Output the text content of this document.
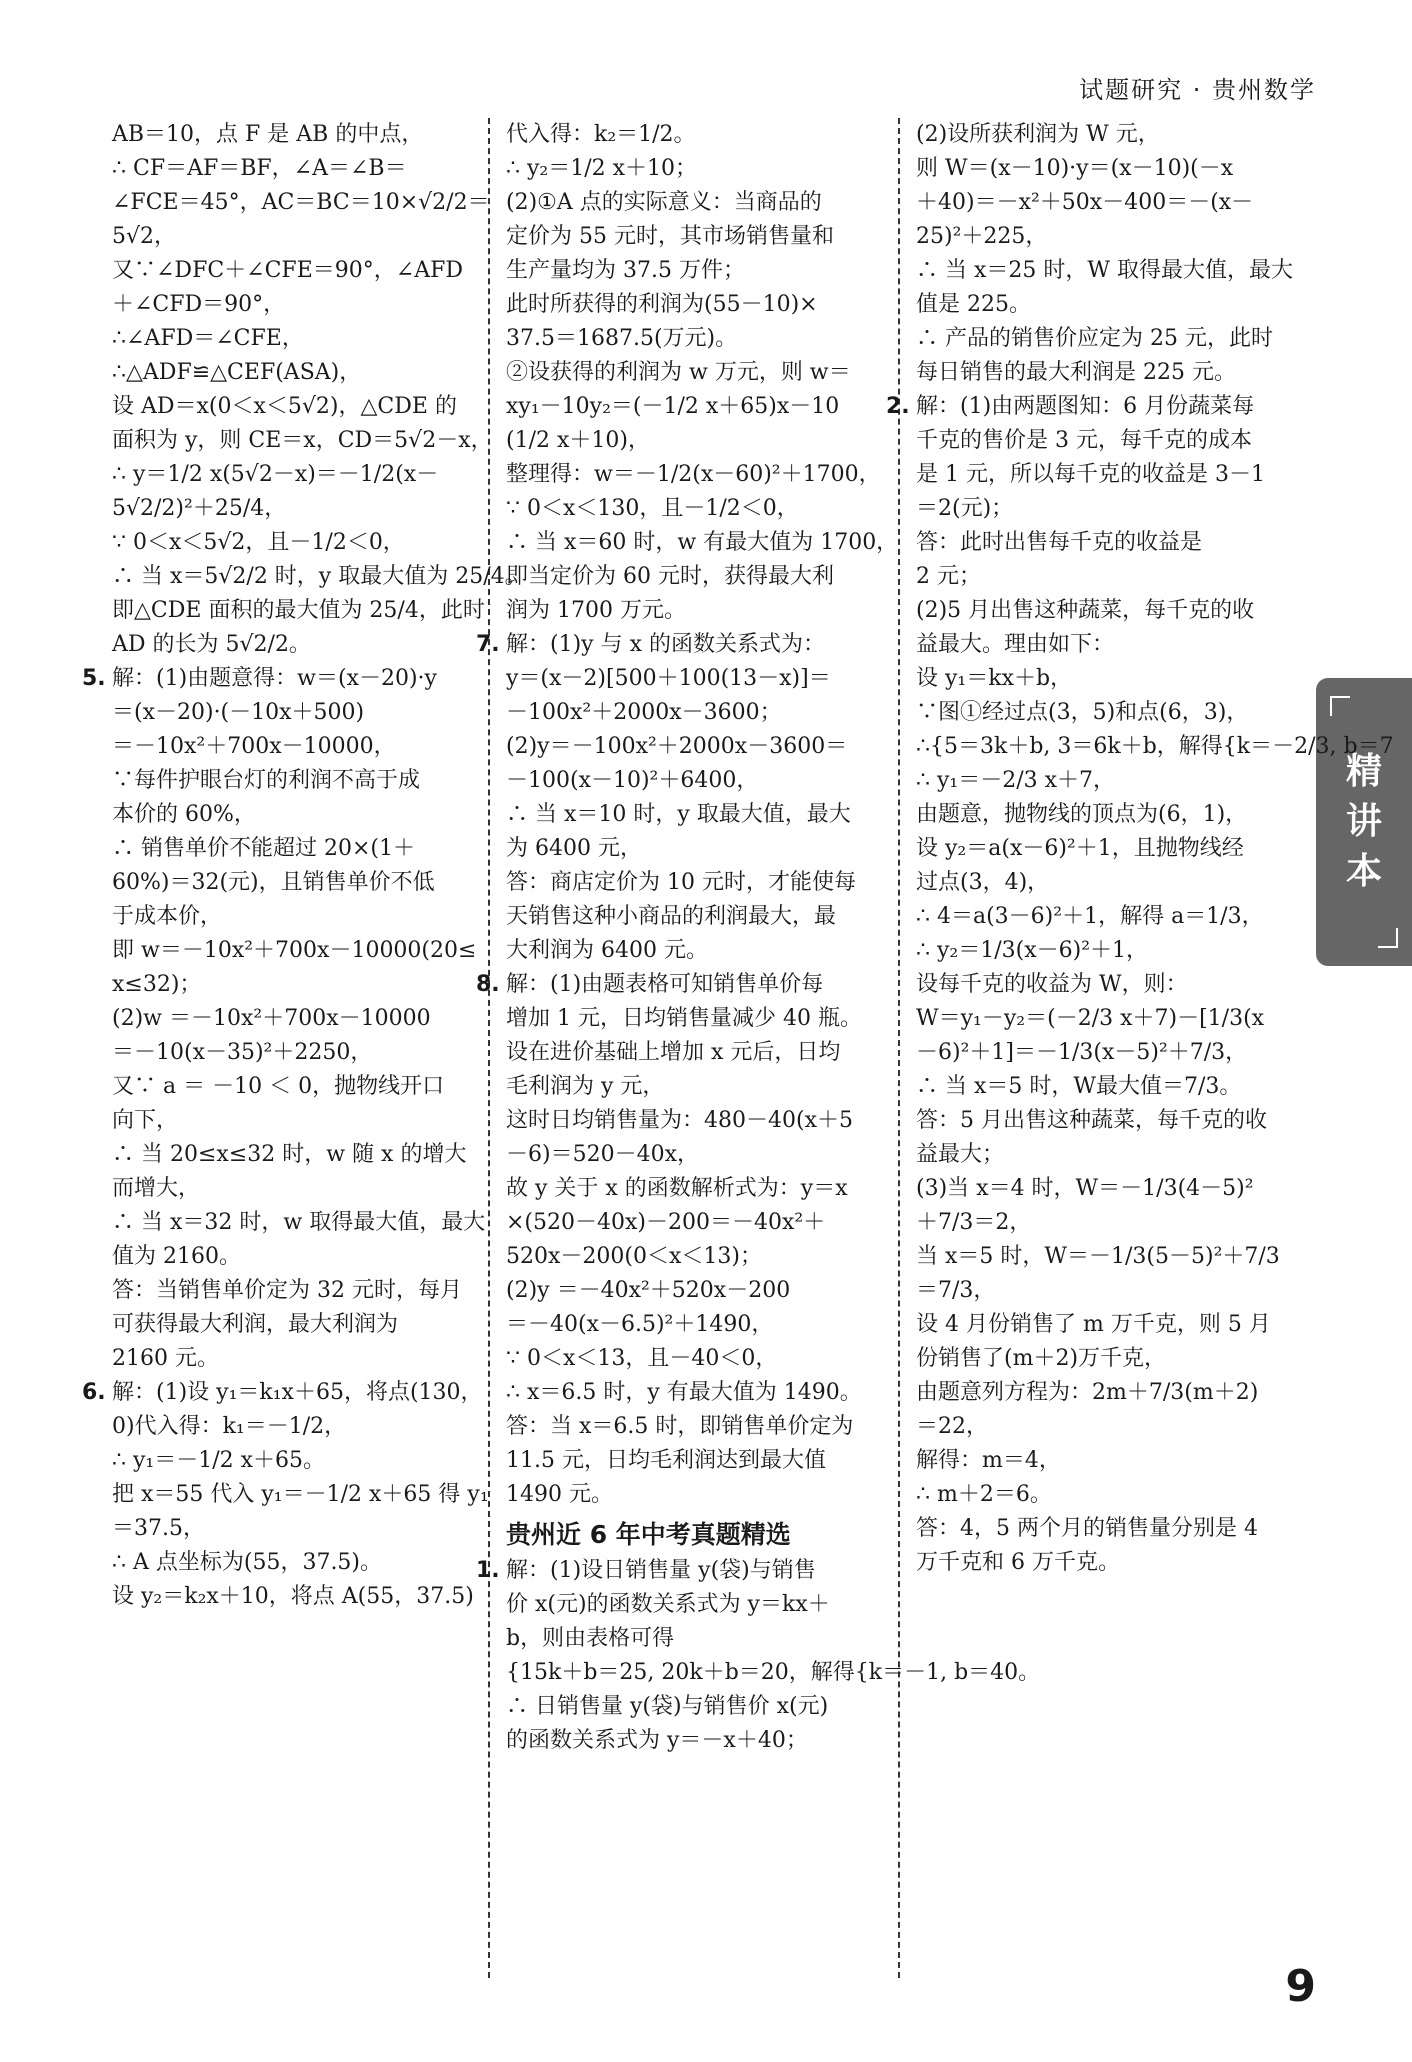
试题研究 · 贵州数学
精
讲
本
AB＝10，点 F 是 AB 的中点，
∴ CF＝AF＝BF，∠A＝∠B＝
∠FCE＝45°，AC＝BC＝10×√2/2＝
5√2，
又∵∠DFC＋∠CFE＝90°，∠AFD
＋∠CFD＝90°，
∴∠AFD＝∠CFE，
∴△ADF≌△CEF(ASA)，
设 AD＝x(0＜x＜5√2)，△CDE 的
面积为 y，则 CE＝x，CD＝5√2－x，
∴ y＝1/2 x(5√2－x)＝－1/2(x－
5√2/2)²＋25/4，
∵ 0＜x＜5√2，且－1/2＜0，
∴ 当 x＝5√2/2 时，y 取最大值为 25/4。
即△CDE 面积的最大值为 25/4，此时
AD 的长为 5√2/2。
5. 解：(1)由题意得：w＝(x－20)·y
＝(x－20)·(－10x＋500)
＝－10x²＋700x－10000，
∵每件护眼台灯的利润不高于成
本价的 60%，
∴ 销售单价不能超过 20×(1＋
60%)＝32(元)，且销售单价不低
于成本价，
即 w＝－10x²＋700x－10000(20≤
x≤32)；
(2)w ＝－10x²＋700x－10000
＝－10(x－35)²＋2250，
又∵ a ＝ －10 ＜ 0，抛物线开口
向下，
∴ 当 20≤x≤32 时，w 随 x 的增大
而增大，
∴ 当 x＝32 时，w 取得最大值，最大
值为 2160。
答：当销售单价定为 32 元时，每月
可获得最大利润，最大利润为
2160 元。
6. 解：(1)设 y₁＝k₁x＋65，将点(130，
0)代入得：k₁＝－1/2，
∴ y₁＝－1/2 x＋65。
把 x＝55 代入 y₁＝－1/2 x＋65 得 y₁
＝37.5，
∴ A 点坐标为(55，37.5)。
设 y₂＝k₂x＋10，将点 A(55，37.5)
代入得：k₂＝1/2。
∴ y₂＝1/2 x＋10；
(2)①A 点的实际意义：当商品的
定价为 55 元时，其市场销售量和
生产量均为 37.5 万件；
此时所获得的利润为(55－10)×
37.5＝1687.5(万元)。
②设获得的利润为 w 万元，则 w＝
xy₁－10y₂＝(－1/2 x＋65)x－10
(1/2 x＋10)，
整理得：w＝－1/2(x－60)²＋1700，
∵ 0＜x＜130，且－1/2＜0，
∴ 当 x＝60 时，w 有最大值为 1700，
即当定价为 60 元时，获得最大利
润为 1700 万元。
7. 解：(1)y 与 x 的函数关系式为：
y＝(x－2)[500＋100(13－x)]＝
－100x²＋2000x－3600；
(2)y＝－100x²＋2000x－3600＝
－100(x－10)²＋6400，
∴ 当 x＝10 时，y 取最大值，最大
为 6400 元，
答：商店定价为 10 元时，才能使每
天销售这种小商品的利润最大，最
大利润为 6400 元。
8. 解：(1)由题表格可知销售单价每
增加 1 元，日均销售量减少 40 瓶。
设在进价基础上增加 x 元后，日均
毛利润为 y 元，
这时日均销售量为：480－40(x＋5
－6)＝520－40x，
故 y 关于 x 的函数解析式为：y＝x
×(520－40x)－200＝－40x²＋
520x－200(0＜x＜13)；
(2)y ＝－40x²＋520x－200
＝－40(x－6.5)²＋1490，
∵ 0＜x＜13，且－40＜0，
∴ x＝6.5 时，y 有最大值为 1490。
答：当 x＝6.5 时，即销售单价定为
11.5 元，日均毛利润达到最大值
1490 元。
贵州近 6 年中考真题精选
1. 解：(1)设日销售量 y(袋)与销售
价 x(元)的函数关系式为 y＝kx＋
b，则由表格可得
{15k＋b＝25, 20k＋b＝20，解得{k＝－1, b＝40。
∴ 日销售量 y(袋)与销售价 x(元)
的函数关系式为 y＝－x＋40；
(2)设所获利润为 W 元，
则 W＝(x－10)·y＝(x－10)(－x
＋40)＝－x²＋50x－400＝－(x－
25)²＋225，
∴ 当 x＝25 时，W 取得最大值，最大
值是 225。
∴ 产品的销售价应定为 25 元，此时
每日销售的最大利润是 225 元。
2. 解：(1)由两题图知：6 月份蔬菜每
千克的售价是 3 元，每千克的成本
是 1 元，所以每千克的收益是 3－1
＝2(元)；
答：此时出售每千克的收益是
2 元；
(2)5 月出售这种蔬菜，每千克的收
益最大。理由如下：
设 y₁＝kx＋b，
∵图①经过点(3，5)和点(6，3)，
∴{5＝3k＋b, 3＝6k＋b，解得{k＝－2/3, b＝7
∴ y₁＝－2/3 x＋7，
由题意，抛物线的顶点为(6，1)，
设 y₂＝a(x－6)²＋1，且抛物线经
过点(3，4)，
∴ 4＝a(3－6)²＋1，解得 a＝1/3，
∴ y₂＝1/3(x－6)²＋1，
设每千克的收益为 W，则：
W＝y₁－y₂＝(－2/3 x＋7)－[1/3(x
－6)²＋1]＝－1/3(x－5)²＋7/3，
∴ 当 x＝5 时，W最大值＝7/3。
答：5 月出售这种蔬菜，每千克的收
益最大；
(3)当 x＝4 时，W＝－1/3(4－5)²
＋7/3＝2，
当 x＝5 时，W＝－1/3(5－5)²＋7/3
＝7/3，
设 4 月份销售了 m 万千克，则 5 月
份销售了(m＋2)万千克，
由题意列方程为：2m＋7/3(m＋2)
＝22，
解得：m＝4，
∴ m＋2＝6。
答：4，5 两个月的销售量分别是 4
万千克和 6 万千克。
9
